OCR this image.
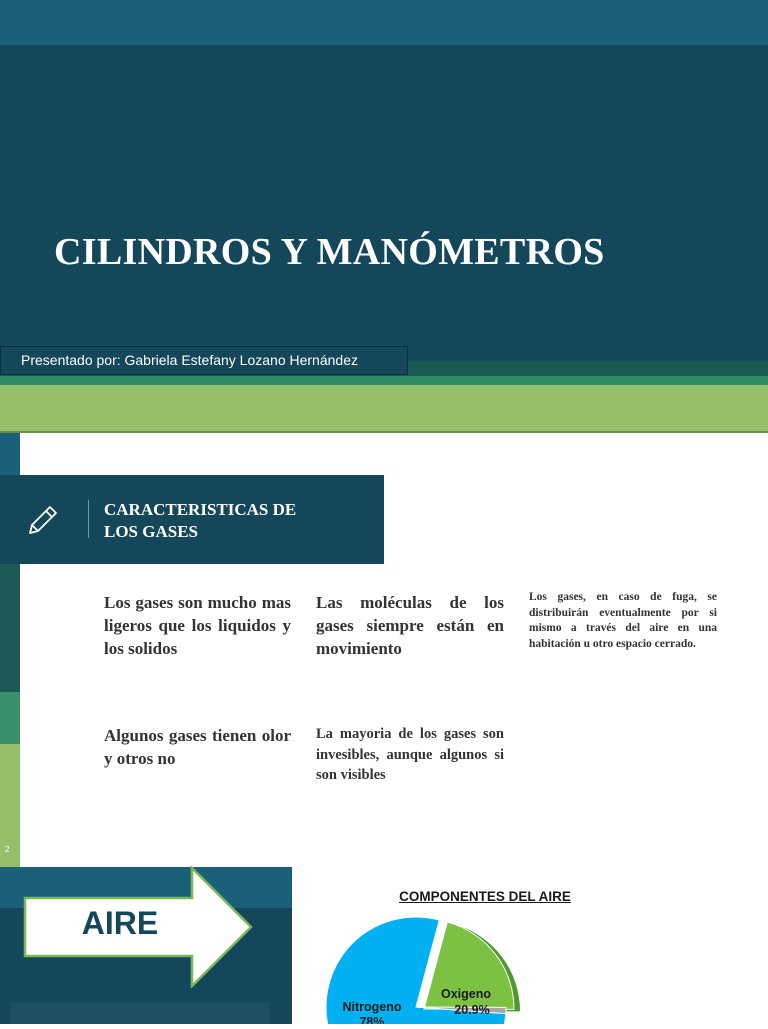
CILINDROS Y MANÓMETROS
Presentado por: Gabriela Estefany Lozano Hernández
2
CARACTERISTICAS DE
LOS GASES
Los gases son mucho mas ligeros que los liquidos y los solidos
Las moléculas de los gases siempre están en movimiento
Los gases, en caso de fuga, se distribuirán eventualmente por si mismo a través del aire en una habitación u otro espacio cerrado.
Algunos gases tienen olor y otros no
La mayoria de los gases son invesibles, aunque algunos si son visibles
AIRE
COMPONENTES DEL AIRE
Nitrogeno
78%
Oxigeno
20.9%
